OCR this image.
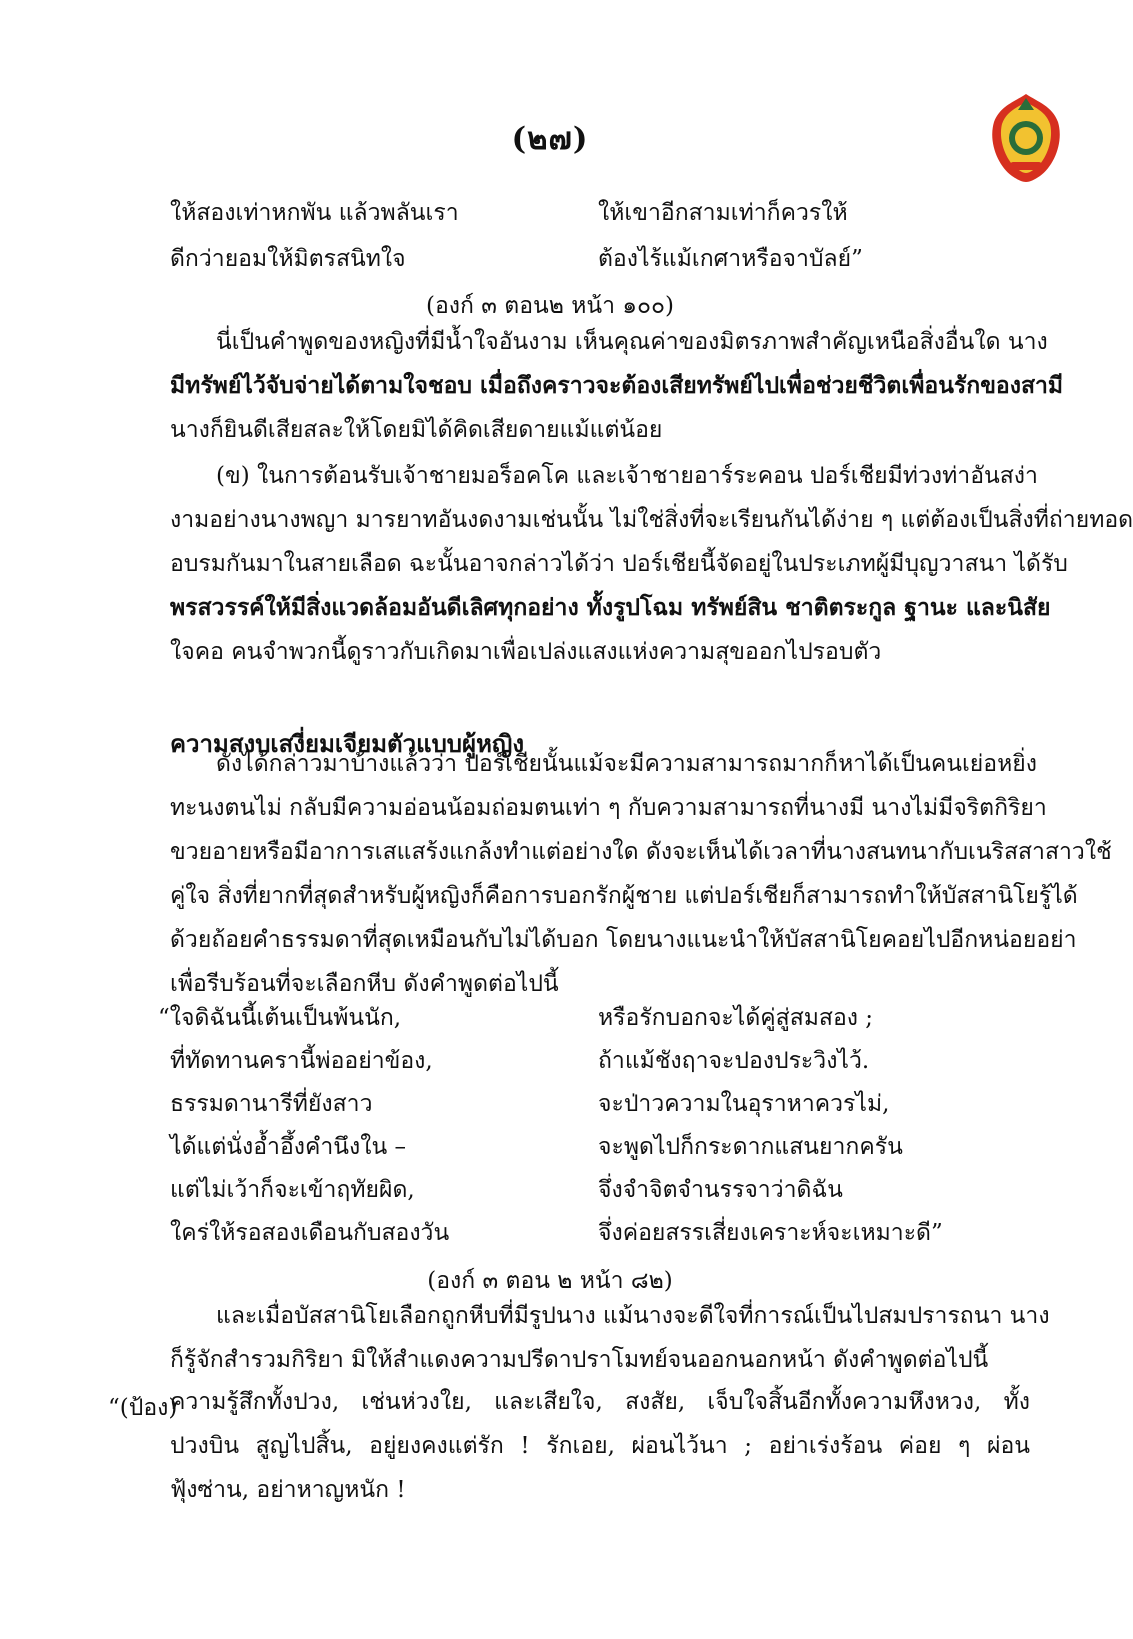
(๒๗)
ให้สองเท่าหกพัน แล้วพลันเรา	ให้เขาอีกสามเท่าก็ควรให้
ดีกว่ายอมให้มิตรสนิทใจ	ต้องไร้แม้เกศาหรือจาบัลย์”
(องก์ ๓ ตอน๒ หน้า ๑๐๐)
นี่เป็นคำพูดของหญิงที่มีน้ำใจอันงาม เห็นคุณค่าของมิตรภาพสำคัญเหนือสิ่งอื่นใด นาง
มีทรัพย์ไว้จับจ่ายได้ตามใจชอบ เมื่อถึงคราวจะต้องเสียทรัพย์ไปเพื่อช่วยชีวิตเพื่อนรักของสามี
นางก็ยินดีเสียสละให้โดยมิได้คิดเสียดายแม้แต่น้อย
(ข) ในการต้อนรับเจ้าชายมอร็อคโค และเจ้าชายอาร์ระคอน ปอร์เชียมีท่วงท่าอันสง่า
งามอย่างนางพญา มารยาทอันงดงามเช่นนั้น ไม่ใช่สิ่งที่จะเรียนกันได้ง่าย ๆ แต่ต้องเป็นสิ่งที่ถ่ายทอด
อบรมกันมาในสายเลือด ฉะนั้นอาจกล่าวได้ว่า ปอร์เชียนี้จัดอยู่ในประเภทผู้มีบุญวาสนา ได้รับ
พรสวรรค์ให้มีสิ่งแวดล้อมอันดีเลิศทุกอย่าง ทั้งรูปโฉม ทรัพย์สิน ชาติตระกูล ฐานะ และนิสัย
ใจคอ คนจำพวกนี้ดูราวกับเกิดมาเพื่อเปล่งแสงแห่งความสุขออกไปรอบตัว
ความสงบเสงี่ยมเจียมตัวแบบผู้หญิง
ดังได้กล่าวมาบ้างแล้วว่า ปอร์เชียนั้นแม้จะมีความสามารถมากก็หาได้เป็นคนเย่อหยิ่ง
ทะนงตนไม่ กลับมีความอ่อนน้อมถ่อมตนเท่า ๆ กับความสามารถที่นางมี นางไม่มีจริตกิริยา
ขวยอายหรือมีอาการเสแสร้งแกล้งทำแต่อย่างใด ดังจะเห็นได้เวลาที่นางสนทนากับเนริสสาสาวใช้
คู่ใจ สิ่งที่ยากที่สุดสำหรับผู้หญิงก็คือการบอกรักผู้ชาย แต่ปอร์เชียก็สามารถทำให้บัสสานิโยรู้ได้
ด้วยถ้อยคำธรรมดาที่สุดเหมือนกับไม่ได้บอก โดยนางแนะนำให้บัสสานิโยคอยไปอีกหน่อยอย่า
เพื่อรีบร้อนที่จะเลือกหีบ ดังคำพูดต่อไปนี้
“ใจดิฉันนี้เต้นเป็นพ้นนัก,	หรือรักบอกจะได้คู่สู่สมสอง ;
ที่ทัดทานครานี้พ่ออย่าข้อง,	ถ้าแม้ชังฤาจะปองประวิงไว้.
ธรรมดานารีที่ยังสาว	จะป่าวความในอุราหาควรไม่,
ได้แต่นั่งอ้ำอึ้งคำนึงใน –	จะพูดไปก็กระดากแสนยากครัน
แต่ไม่เว้าก็จะเข้าฤทัยผิด,	จึ่งจำจิตจำนรรจาว่าดิฉัน
ใคร่ให้รอสองเดือนกับสองวัน	จึ่งค่อยสรรเสี่ยงเคราะห์จะเหมาะดี”
(องก์ ๓ ตอน ๒ หน้า ๘๒)
และเมื่อบัสสานิโยเลือกถูกหีบที่มีรูปนาง แม้นางจะดีใจที่การณ์เป็นไปสมปรารถนา นาง
ก็รู้จักสำรวมกิริยา มิให้สำแดงความปรีดาปราโมทย์จนออกนอกหน้า ดังคำพูดต่อไปนี้
“(ป้อง)
ความรู้สึกทั้งปวง, เช่นห่วงใย, และเสียใจ, สงสัย, เจ็บใจสิ้นอีกทั้งความหึงหวง, ทั้ง
ปวงบิน สูญไปสิ้น, อยู่ยงคงแต่รัก ! รักเอย, ผ่อนไว้นา ; อย่าเร่งร้อน ค่อย ๆ ผ่อน
ฟุ้งซ่าน, อย่าหาญหนัก !
